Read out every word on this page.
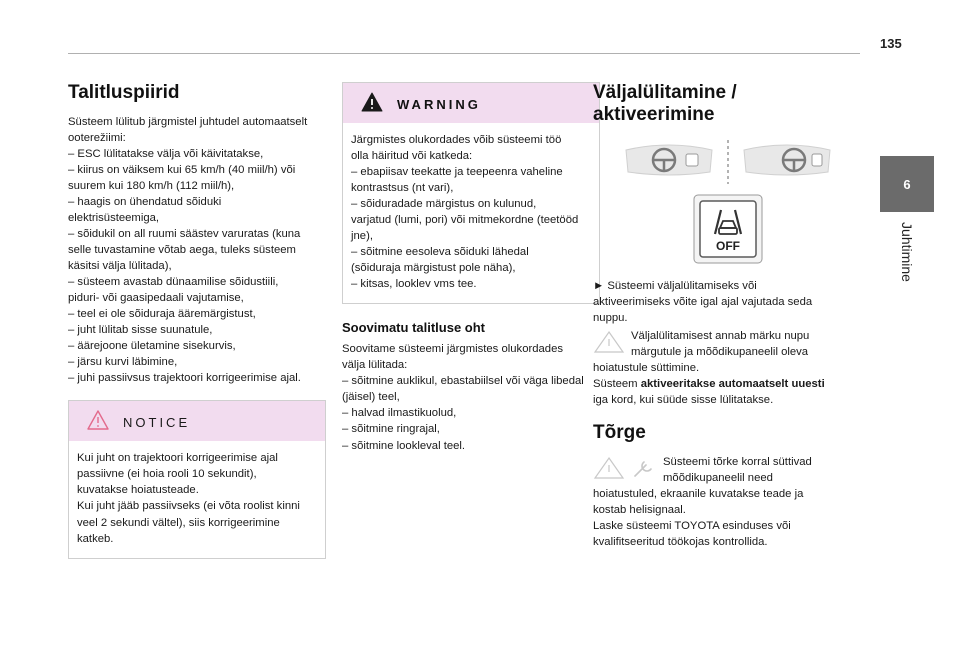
135
6
Juhtimine
Talitluspiirid

Süsteem lülitub järgmistel juhtudel automaatselt
ooterežiimi:
– ESC lülitatakse välja või käivitatakse,
– kiirus on väiksem kui 65 km/h (40 miil/h) või
suurem kui 180 km/h (112 miil/h),
– haagis on ühendatud sõiduki
elektrisüsteemiga,
– sõidukil on all ruumi säästev varuratas (kuna
selle tuvastamine võtab aega, tuleks süsteem
käsitsi välja lülitada),
– süsteem avastab dünaamilise sõidustiili,
piduri- või gaasipedaali vajutamise,
– teel ei ole sõiduraja ääremärgistust,
– juht lülitab sisse suunatule,
– äärejoone ületamine sisekurvis,
– järsu kurvi läbimine,
– juhi passiivsus trajektoori korrigeerimise ajal.

NOTICE

Kui juht on trajektoori korrigeerimise ajal
passiivne (ei hoia rooli 10 sekundit),
kuvatakse hoiatusteade.
Kui juht jääb passiivseks (ei võta roolist kinni
veel 2 sekundi vältel), siis korrigeerimine
katkeb.

WARNING

Järgmistes olukordades võib süsteemi töö
olla häiritud või katkeda:
– ebapiisav teekatte ja teepeenra vaheline
kontrastsus (nt vari),
– sõiduradade märgistus on kulunud,
varjatud (lumi, pori) või mitmekordne (teetööd
jne),
– sõitmine eesoleva sõiduki lähedal
(sõiduraja märgistust pole näha),
– kitsas, looklev vms tee.

Soovimatu talitluse oht

Soovitame süsteemi järgmistes olukordades
välja lülitada:
– sõitmine auklikul, ebastabiilsel või väga libedal
(jäisel) teel,
– halvad ilmastikuolud,
– sõitmine ringrajal,
– sõitmine lookleval teel.

Väljalülitamine /
aktiveerimine
OFF

► Süsteemi väljalülitamiseks või
aktiveerimiseks võite igal ajal vajutada seda
nuppu.

Väljalülitamisest annab märku nupu
märgutule ja mõõdikupaneelil oleva

hoiatustule süttimine.
Süsteem aktiveeritakse automaatselt uuesti
iga kord, kui süüde sisse lülitatakse.

Tõrge

Süsteemi tõrke korral süttivad
mõõdikupaneelil need

hoiatustuled, ekraanile kuvatakse teade ja
kostab helisignaal.
Laske süsteemi TOYOTA esinduses või
kvalifitseeritud töökojas kontrollida.
